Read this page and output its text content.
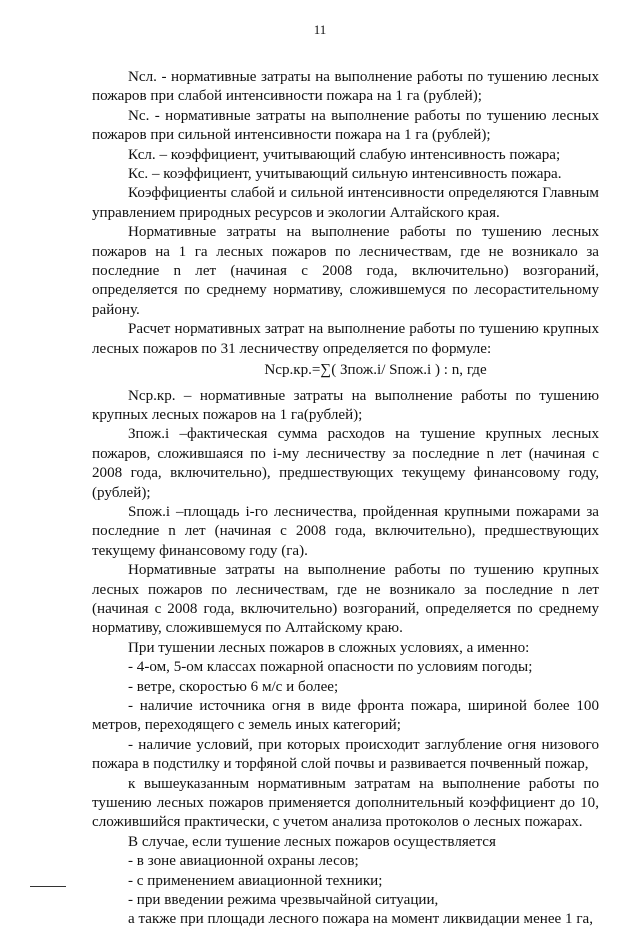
11

Nсл. - нормативные затраты на выполнение работы по тушению лесных пожаров при слабой интенсивности пожара на 1 га (рублей);

Nс. - нормативные затраты на выполнение работы по тушению лесных пожаров при сильной интенсивности пожара на 1 га (рублей);

Ксл. – коэффициент, учитывающий слабую интенсивность пожара;

Кс. – коэффициент, учитывающий сильную интенсивность пожара.

Коэффициенты слабой и сильной интенсивности определяются Главным управлением природных ресурсов и экологии Алтайского края.

Нормативные затраты на выполнение работы по тушению лесных пожаров на 1 га лесных пожаров по лесничествам, где не возникало за последние n лет (начиная с 2008 года, включительно) возгораний, определяется по среднему нормативу, сложившемуся по лесорастительному району.

Расчет нормативных затрат на выполнение работы по тушению крупных лесных пожаров по 31 лесничеству определяется по формуле:

Nср.кр.=∑( Зпож.i/ Sпож.i ) : n, где

Nср.кр. – нормативные затраты на выполнение работы по тушению крупных лесных пожаров на 1 га(рублей);

Зпож.i –фактическая сумма расходов на тушение крупных лесных пожаров, сложившаяся по i-му лесничеству за последние n лет (начиная с 2008 года, включительно), предшествующих текущему финансовому году, (рублей);

Sпож.i –площадь i-го лесничества, пройденная крупными пожарами за последние n лет (начиная с 2008 года, включительно), предшествующих текущему финансовому году (га).

Нормативные затраты на выполнение работы по тушению крупных лесных пожаров по лесничествам, где не возникало за последние n лет (начиная с 2008 года, включительно) возгораний, определяется по среднему нормативу, сложившемуся по Алтайскому краю.

При тушении лесных пожаров в сложных условиях, а именно:

- 4-ом, 5-ом классах пожарной опасности по условиям погоды;

- ветре, скоростью 6 м/с и более;

- наличие источника огня в виде фронта пожара, шириной более 100 метров, переходящего с земель иных категорий;

- наличие условий, при которых происходит заглубление огня низового пожара в подстилку и торфяной слой почвы и развивается почвенный пожар,

к вышеуказанным нормативным затратам на выполнение работы по тушению лесных пожаров применяется дополнительный коэффициент до 10, сложившийся практически, с учетом анализа протоколов о лесных пожарах.

В случае, если тушение лесных пожаров осуществляется

- в зоне авиационной охраны лесов;

- с применением авиационной техники;

- при введении режима чрезвычайной ситуации,

а также при площади лесного пожара на момент ликвидации менее 1 га,
